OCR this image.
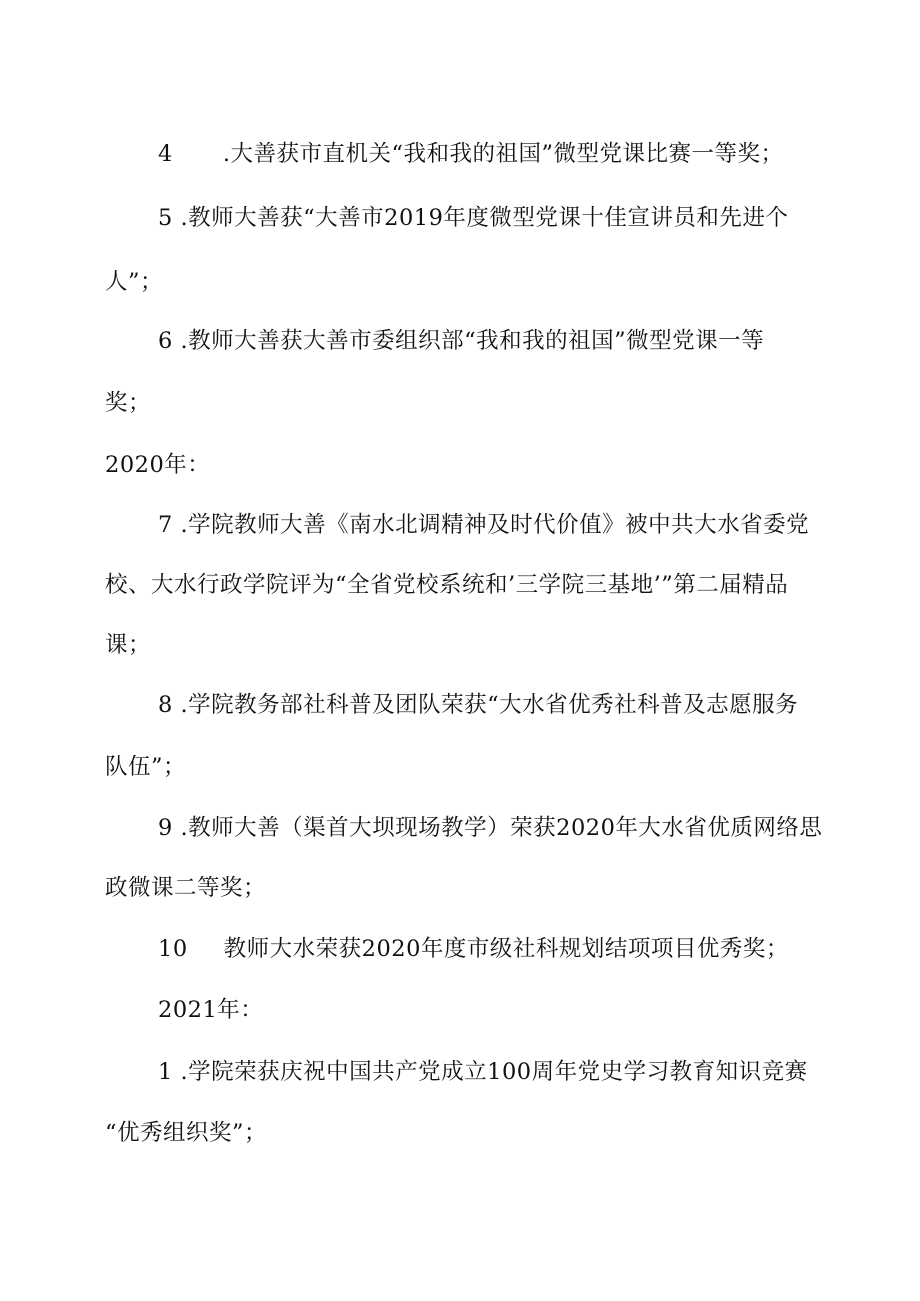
4 .大善获市直机关“我和我的祖国”微型党课比赛一等奖；
5 .教师大善获“大善市2019年度微型党课十佳宣讲员和先进个
人”；
6 .教师大善获大善市委组织部“我和我的祖国”微型党课一等
奖；
2020年：
7 .学院教师大善《南水北调精神及时代价值》被中共大水省委党
校、大水行政学院评为“全省党校系统和’三学院三基地’”第二届精品
课；
8 .学院教务部社科普及团队荣获“大水省优秀社科普及志愿服务
队伍”；
9 .教师大善（渠首大坝现场教学）荣获2020年大水省优质网络思
政微课二等奖；
10 教师大水荣获2020年度市级社科规划结项项目优秀奖；
2021年：
1 .学院荣获庆祝中国共产党成立100周年党史学习教育知识竞赛
“优秀组织奖”；
